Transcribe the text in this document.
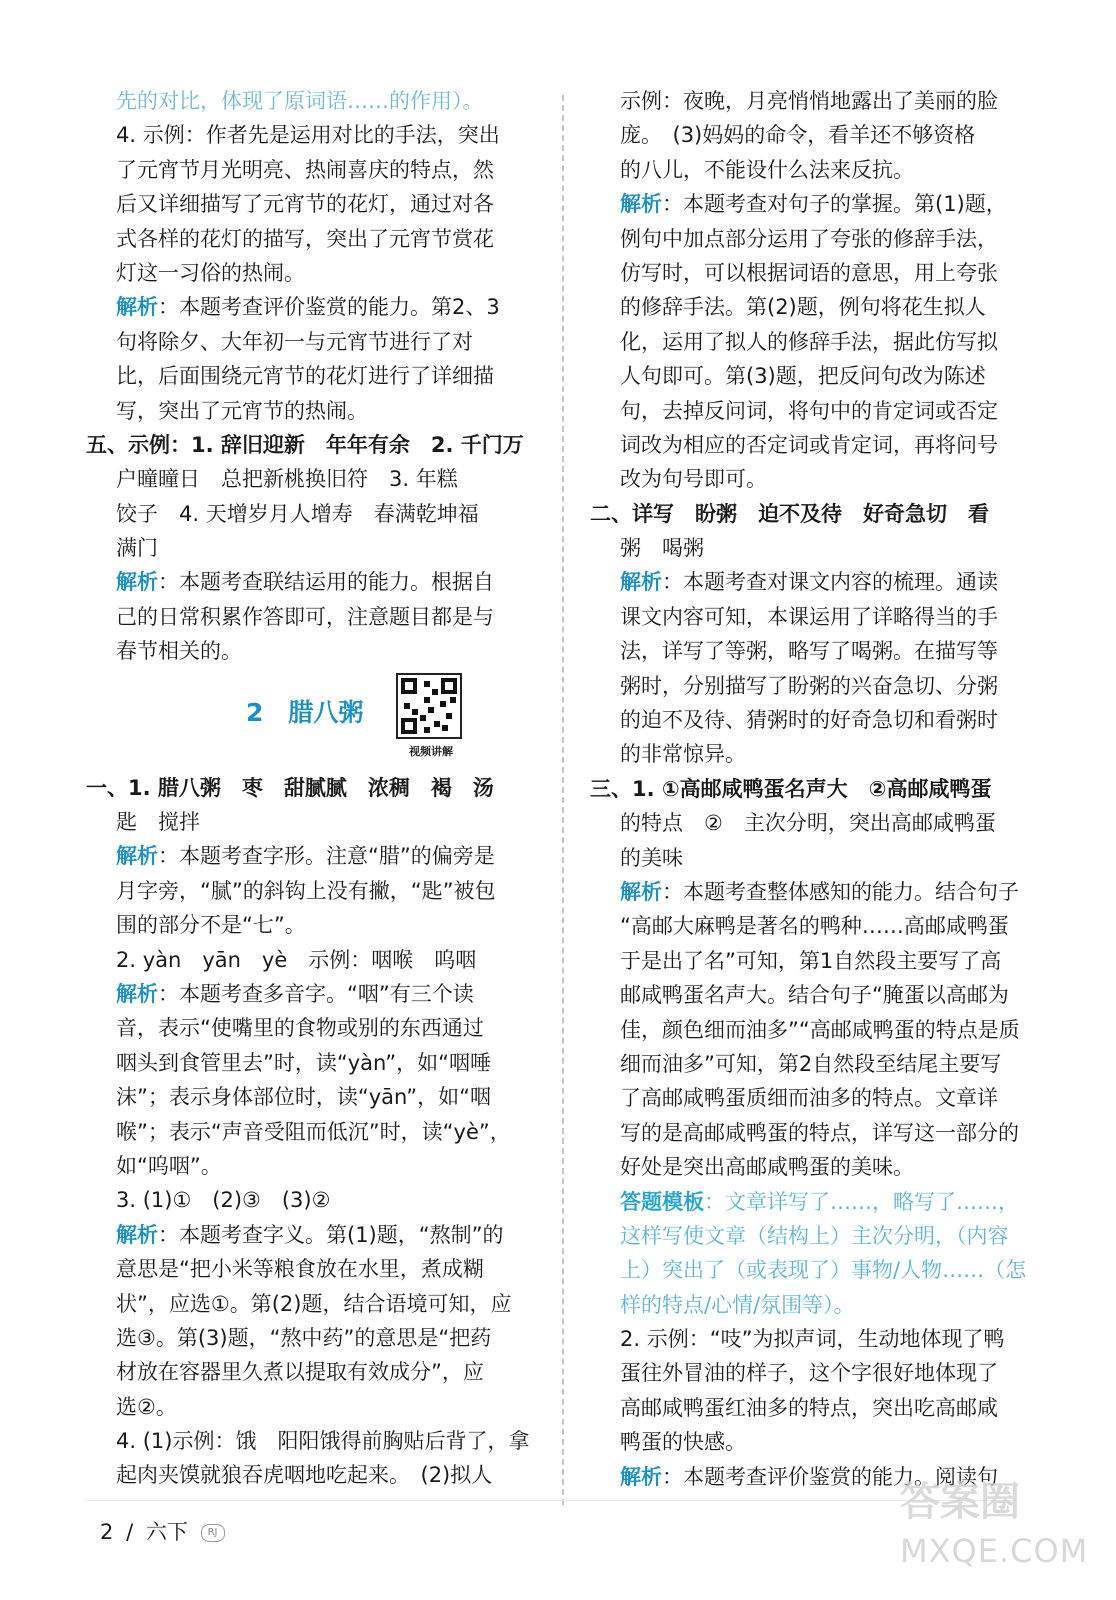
先的对比，体现了原词语……的作用）。
4. 示例：作者先是运用对比的手法，突出
了元宵节月光明亮、热闹喜庆的特点，然
后又详细描写了元宵节的花灯，通过对各
式各样的花灯的描写，突出了元宵节赏花
灯这一习俗的热闹。
解析：本题考查评价鉴赏的能力。第2、3
句将除夕、大年初一与元宵节进行了对
比，后面围绕元宵节的花灯进行了详细描
写，突出了元宵节的热闹。
五、示例：1. 辞旧迎新　年年有余　2. 千门万
户曈曈日　总把新桃换旧符　3. 年糕
饺子　4. 天增岁月人增寿　春满乾坤福
满门
解析：本题考查联结运用的能力。根据自
己的日常积累作答即可，注意题目都是与
春节相关的。
2　腊八粥
视频讲解
一、1. 腊八粥　枣　甜腻腻　浓稠　褐　汤
匙　搅拌
解析：本题考查字形。注意“腊”的偏旁是
月字旁，“腻”的斜钩上没有撇，“匙”被包
围的部分不是“七”。
2. yàn　yān　yè　示例：咽喉　呜咽
解析：本题考查多音字。“咽”有三个读
音，表示“使嘴里的食物或别的东西通过
咽头到食管里去”时，读“yàn”，如“咽唾
沫”；表示身体部位时，读“yān”，如“咽
喉”；表示“声音受阻而低沉”时，读“yè”，
如“呜咽”。
3. (1)①　(2)③　(3)②
解析：本题考查字义。第(1)题，“熬制”的
意思是“把小米等粮食放在水里，煮成糊
状”，应选①。第(2)题，结合语境可知，应
选③。第(3)题，“熬中药”的意思是“把药
材放在容器里久煮以提取有效成分”，应
选②。
4. (1)示例：饿　阳阳饿得前胸贴后背了，拿
起肉夹馍就狼吞虎咽地吃起来。　(2)拟人
示例：夜晚，月亮悄悄地露出了美丽的脸
庞。　(3)妈妈的命令，看羊还不够资格
的八儿，不能设什么法来反抗。
解析：本题考查对句子的掌握。第(1)题，
例句中加点部分运用了夸张的修辞手法，
仿写时，可以根据词语的意思，用上夸张
的修辞手法。第(2)题，例句将花生拟人
化，运用了拟人的修辞手法，据此仿写拟
人句即可。第(3)题，把反问句改为陈述
句，去掉反问词，将句中的肯定词或否定
词改为相应的否定词或肯定词，再将问号
改为句号即可。
二、详写　盼粥　迫不及待　好奇急切　看
粥　喝粥
解析：本题考查对课文内容的梳理。通读
课文内容可知，本课运用了详略得当的手
法，详写了等粥，略写了喝粥。在描写等
粥时，分别描写了盼粥的兴奋急切、分粥
的迫不及待、猜粥时的好奇急切和看粥时
的非常惊异。
三、1. ①高邮咸鸭蛋名声大　②高邮咸鸭蛋
的特点　②　主次分明，突出高邮咸鸭蛋
的美味
解析：本题考查整体感知的能力。结合句子
“高邮大麻鸭是著名的鸭种……高邮咸鸭蛋
于是出了名”可知，第1自然段主要写了高
邮咸鸭蛋名声大。结合句子“腌蛋以高邮为
佳，颜色细而油多”“高邮咸鸭蛋的特点是质
细而油多”可知，第2自然段至结尾主要写
了高邮咸鸭蛋质细而油多的特点。文章详
写的是高邮咸鸭蛋的特点，详写这一部分的
好处是突出高邮咸鸭蛋的美味。
答题模板：文章详写了……，略写了……，
这样写使文章（结构上）主次分明，（内容
上）突出了（或表现了）事物/人物……（怎
样的特点/心情/氛围等）。
2. 示例：“吱”为拟声词，生动地体现了鸭
蛋往外冒油的样子，这个字很好地体现了
高邮咸鸭蛋红油多的特点，突出吃高邮咸
鸭蛋的快感。
解析：本题考查评价鉴赏的能力。阅读句
2 / 六下 RJ
答案圈
MXQE.COM
